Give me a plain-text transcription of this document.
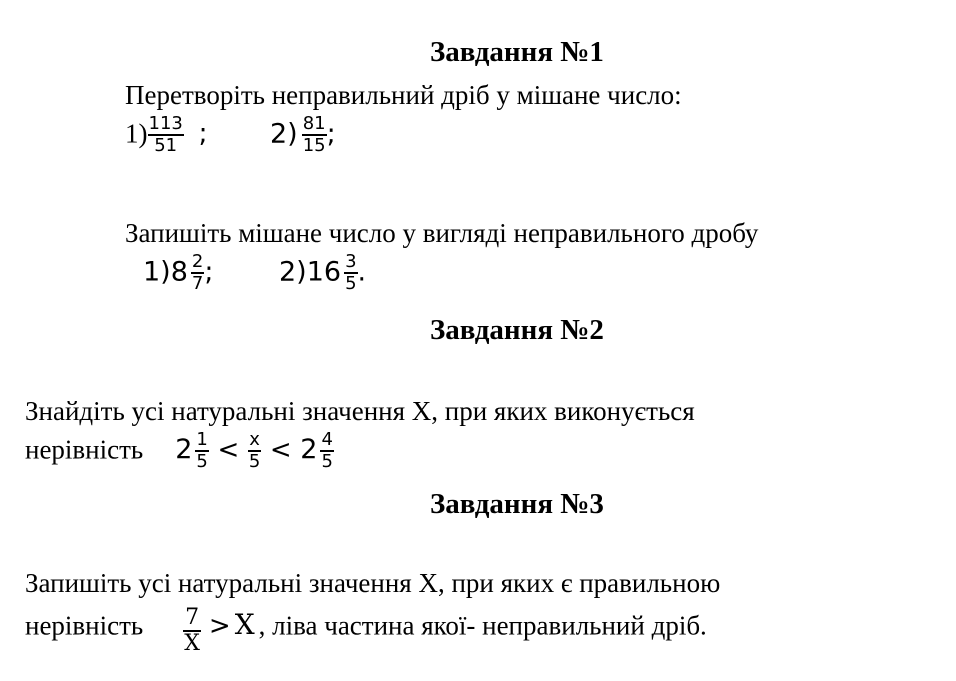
Завдання №1
Перетворіть неправильний дріб у мішане число:
$1) \frac{113}{51}$ ; $2) \frac{81}{15}$ ;
Запишіть мішане число у вигляді неправильного дробу
$1)8 \frac{2}{7}$ ; $2)16 \frac{3}{5}$ .
Завдання №2
Знайдіть усі натуральні значення Х, при яких виконується
нерівність $2 \frac{1}{5} < \frac{x}{5} < 2 \frac{4}{5}$
Завдання №3
Запишіть усі натуральні значення Х, при яких є правильною
нерівність $\frac{7}{X} > X$ , ліва частина якої- неправильний дріб.
